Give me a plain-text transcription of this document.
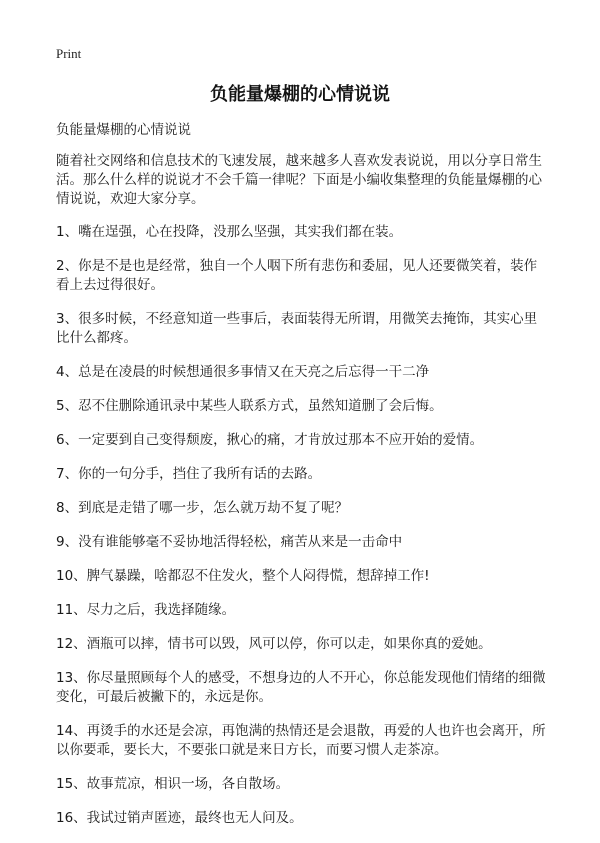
Print
负能量爆棚的心情说说

负能量爆棚的心情说说

随着社交网络和信息技术的飞速发展，越来越多人喜欢发表说说，用以分享日常生活。那么什么样的说说才不会千篇一律呢？下面是小编收集整理的负能量爆棚的心情说说，欢迎大家分享。

1、嘴在逞强，心在投降，没那么坚强，其实我们都在装。

2、你是不是也是经常，独自一个人咽下所有悲伤和委屈，见人还要微笑着，装作看上去过得很好。

3、很多时候，不经意知道一些事后，表面装得无所谓，用微笑去掩饰，其实心里比什么都疼。

4、总是在凌晨的时候想通很多事情又在天亮之后忘得一干二净

5、忍不住删除通讯录中某些人联系方式，虽然知道删了会后悔。

6、一定要到自己变得颓废，揪心的痛，才肯放过那本不应开始的爱情。

7、你的一句分手，挡住了我所有话的去路。

8、到底是走错了哪一步，怎么就万劫不复了呢？

9、没有谁能够毫不妥协地活得轻松，痛苦从来是一击命中

10、脾气暴躁，啥都忍不住发火，整个人闷得慌，想辞掉工作!

11、尽力之后，我选择随缘。

12、酒瓶可以摔，情书可以毁，风可以停，你可以走，如果你真的爱她。

13、你尽量照顾每个人的感受，不想身边的人不开心，你总能发现他们情绪的细微变化，可最后被撇下的，永远是你。

14、再烫手的水还是会凉，再饱满的热情还是会退散，再爱的人也许也会离开，所以你要乖，要长大，不要张口就是来日方长，而要习惯人走茶凉。

15、故事荒凉，相识一场，各自散场。

16、我试过销声匿迹，最终也无人问及。
